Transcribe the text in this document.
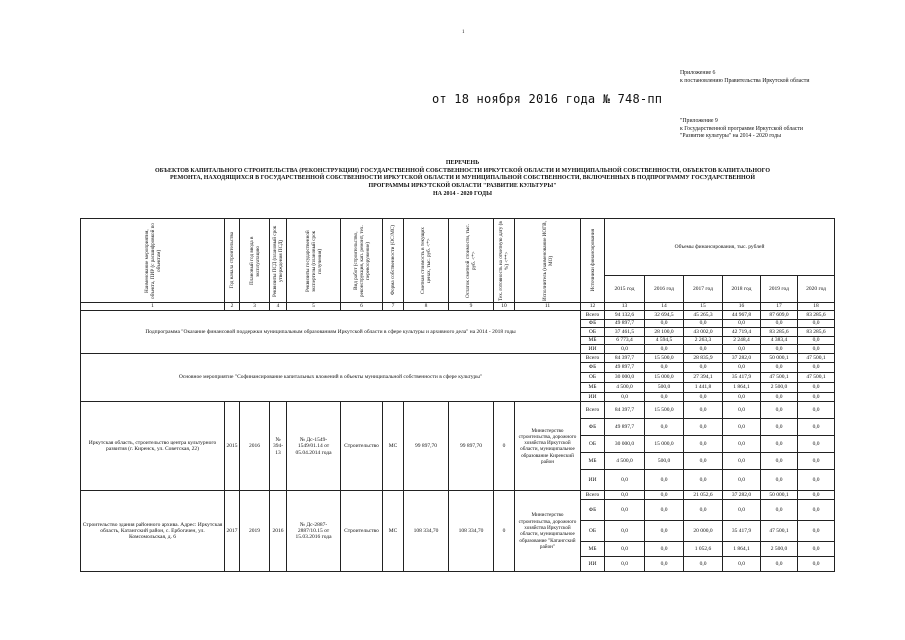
1
Приложение 6
к постановлению Правительства Иркутской области
от 18 ноября 2016 года № 748-пп
"Приложение 9
к Государственной программе Иркутской области
"Развитие культуры" на 2014 - 2020 годы
ПЕРЕЧЕНЬ
ОБЪЕКТОВ КАПИТАЛЬНОГО СТРОИТЕЛЬСТВА (РЕКОНСТРУКЦИИ) ГОСУДАРСТВЕННОЙ СОБСТВЕННОСТИ ИРКУТСКОЙ ОБЛАСТИ И МУНИЦИПАЛЬНОЙ СОБСТВЕННОСТИ, ОБЪЕКТОВ КАПИТАЛЬНОГО
РЕМОНТА, НАХОДЯЩИХСЯ В ГОСУДАРСТВЕННОЙ СОБСТВЕННОСТИ ИРКУТСКОЙ ОБЛАСТИ И МУНИЦИПАЛЬНОЙ СОБСТВЕННОСТИ, ВКЛЮЧЕННЫХ В ПОДПРОГРАММУ ГОСУДАРСТВЕННОЙ
ПРОГРАММЫ ИРКУТСКОЙ ОБЛАСТИ "РАЗВИТИЕ КУЛЬТУРЫ"
НА 2014 - 2020 ГОДЫ
Наименование мероприятия, объекта, ПИР (с расшифровкой по объектам)	Год начала строительства	Плановый год ввода в эксплуатацию	Реквизиты ПСД (плановый срок утверждения ПСД)	Реквизиты государственной экспертизы (плановый срок получения)	Вид работ (строительство, реконструкция, кап. ремонт, тех. перевооружение)	Форма собственности (ОС/МС)	Сметная стоимость в текущих ценах, тыс. руб. <*>	Остаток сметной стоимости, тыс. руб. <*>	Тех. готовность на отчетную дату (в %) <**>	Исполнитель (наименование ИОГВ, МО)	Источники финансирования	Объемы финансирования, тыс. рублей					
												2015 год	2016 год	2017 год	2018 год	2019 год	2020 год
1	2	3	4	5	6	7	8	9	10	11	12	13	14	15	16	17	18
Подпрограмма "Оказание финансовой поддержки муниципальным образованиям Иркутской области в сфере культуры и архивного дела" на 2014 - 2018 годы											Всего	94 132,6	32 694,5	45 265,3	44 967,8	87 609,0	83 285,6
											ФБ	49 897,7	0,0	0,0	0,0	0,0	0,0
											ОБ	37 461,5	28 100,0	43 002,0	42 719,4	83 285,6	83 285,6
											МБ	6 773,4	4 594,5	2 263,3	2 248,4	4 383,4	0,0
											ИИ	0,0	0,0	0,0	0,0	0,0	0,0
Основное мероприятие "Софинансирование капитальных вложений в объекты муниципальной собственности в сфере культуры"											Всего	84 397,7	15 500,0	28 835,9	37 282,0	50 000,1	47 500,1
											ФБ	49 897,7	0,0	0,0	0,0	0,0	0,0
											ОБ	30 000,0	15 000,0	27 394,1	35 417,9	47 500,1	47 500,1
											МБ	4 500,0	500,0	1 441,8	1 864,1	2 500,0	0,0
											ИИ	0,0	0,0	0,0	0,0	0,0	0,0
Иркутская область, строительство центра культурного развития (г. Киренск, ул. Советская, 22)	2015	2016	№ 394-13	№ Дс-1549-1549/01.14 от 05.04.2014 года	Строительство	МС	99 897,70	99 897,70	0	Министерство строительства, дорожного хозяйства Иркутской области, муниципальное образование Киренский район	Всего	84 397,7	15 500,0	0,0	0,0	0,0	0,0
											ФБ	49 897,7	0,0	0,0	0,0	0,0	0,0
											ОБ	30 000,0	15 000,0	0,0	0,0	0,0	0,0
											МБ	4 500,0	500,0	0,0	0,0	0,0	0,0
											ИИ	0,0	0,0	0,0	0,0	0,0	0,0
Строительство здания районного архива. Адрес: Иркутская область, Катангский район, с. Ербогачен, ул. Комсомольская, д. 6	2017	2019	2016	№ Дс-2887-2887/10.15 от 15.03.2016 года	Строительство	МС	108 334,70	108 334,70	0	Министерство строительства, дорожного хозяйства Иркутской области, муниципальное образование "Катангский район"	Всего	0,0	0,0	21 052,6	37 282,0	50 000,1	0,0
											ФБ	0,0	0,0	0,0	0,0	0,0	0,0
											ОБ	0,0	0,0	20 000,0	35 417,9	47 500,1	0,0
											МБ	0,0	0,0	1 052,6	1 864,1	2 500,0	0,0
											ИИ	0,0	0,0	0,0	0,0	0,0	0,0
